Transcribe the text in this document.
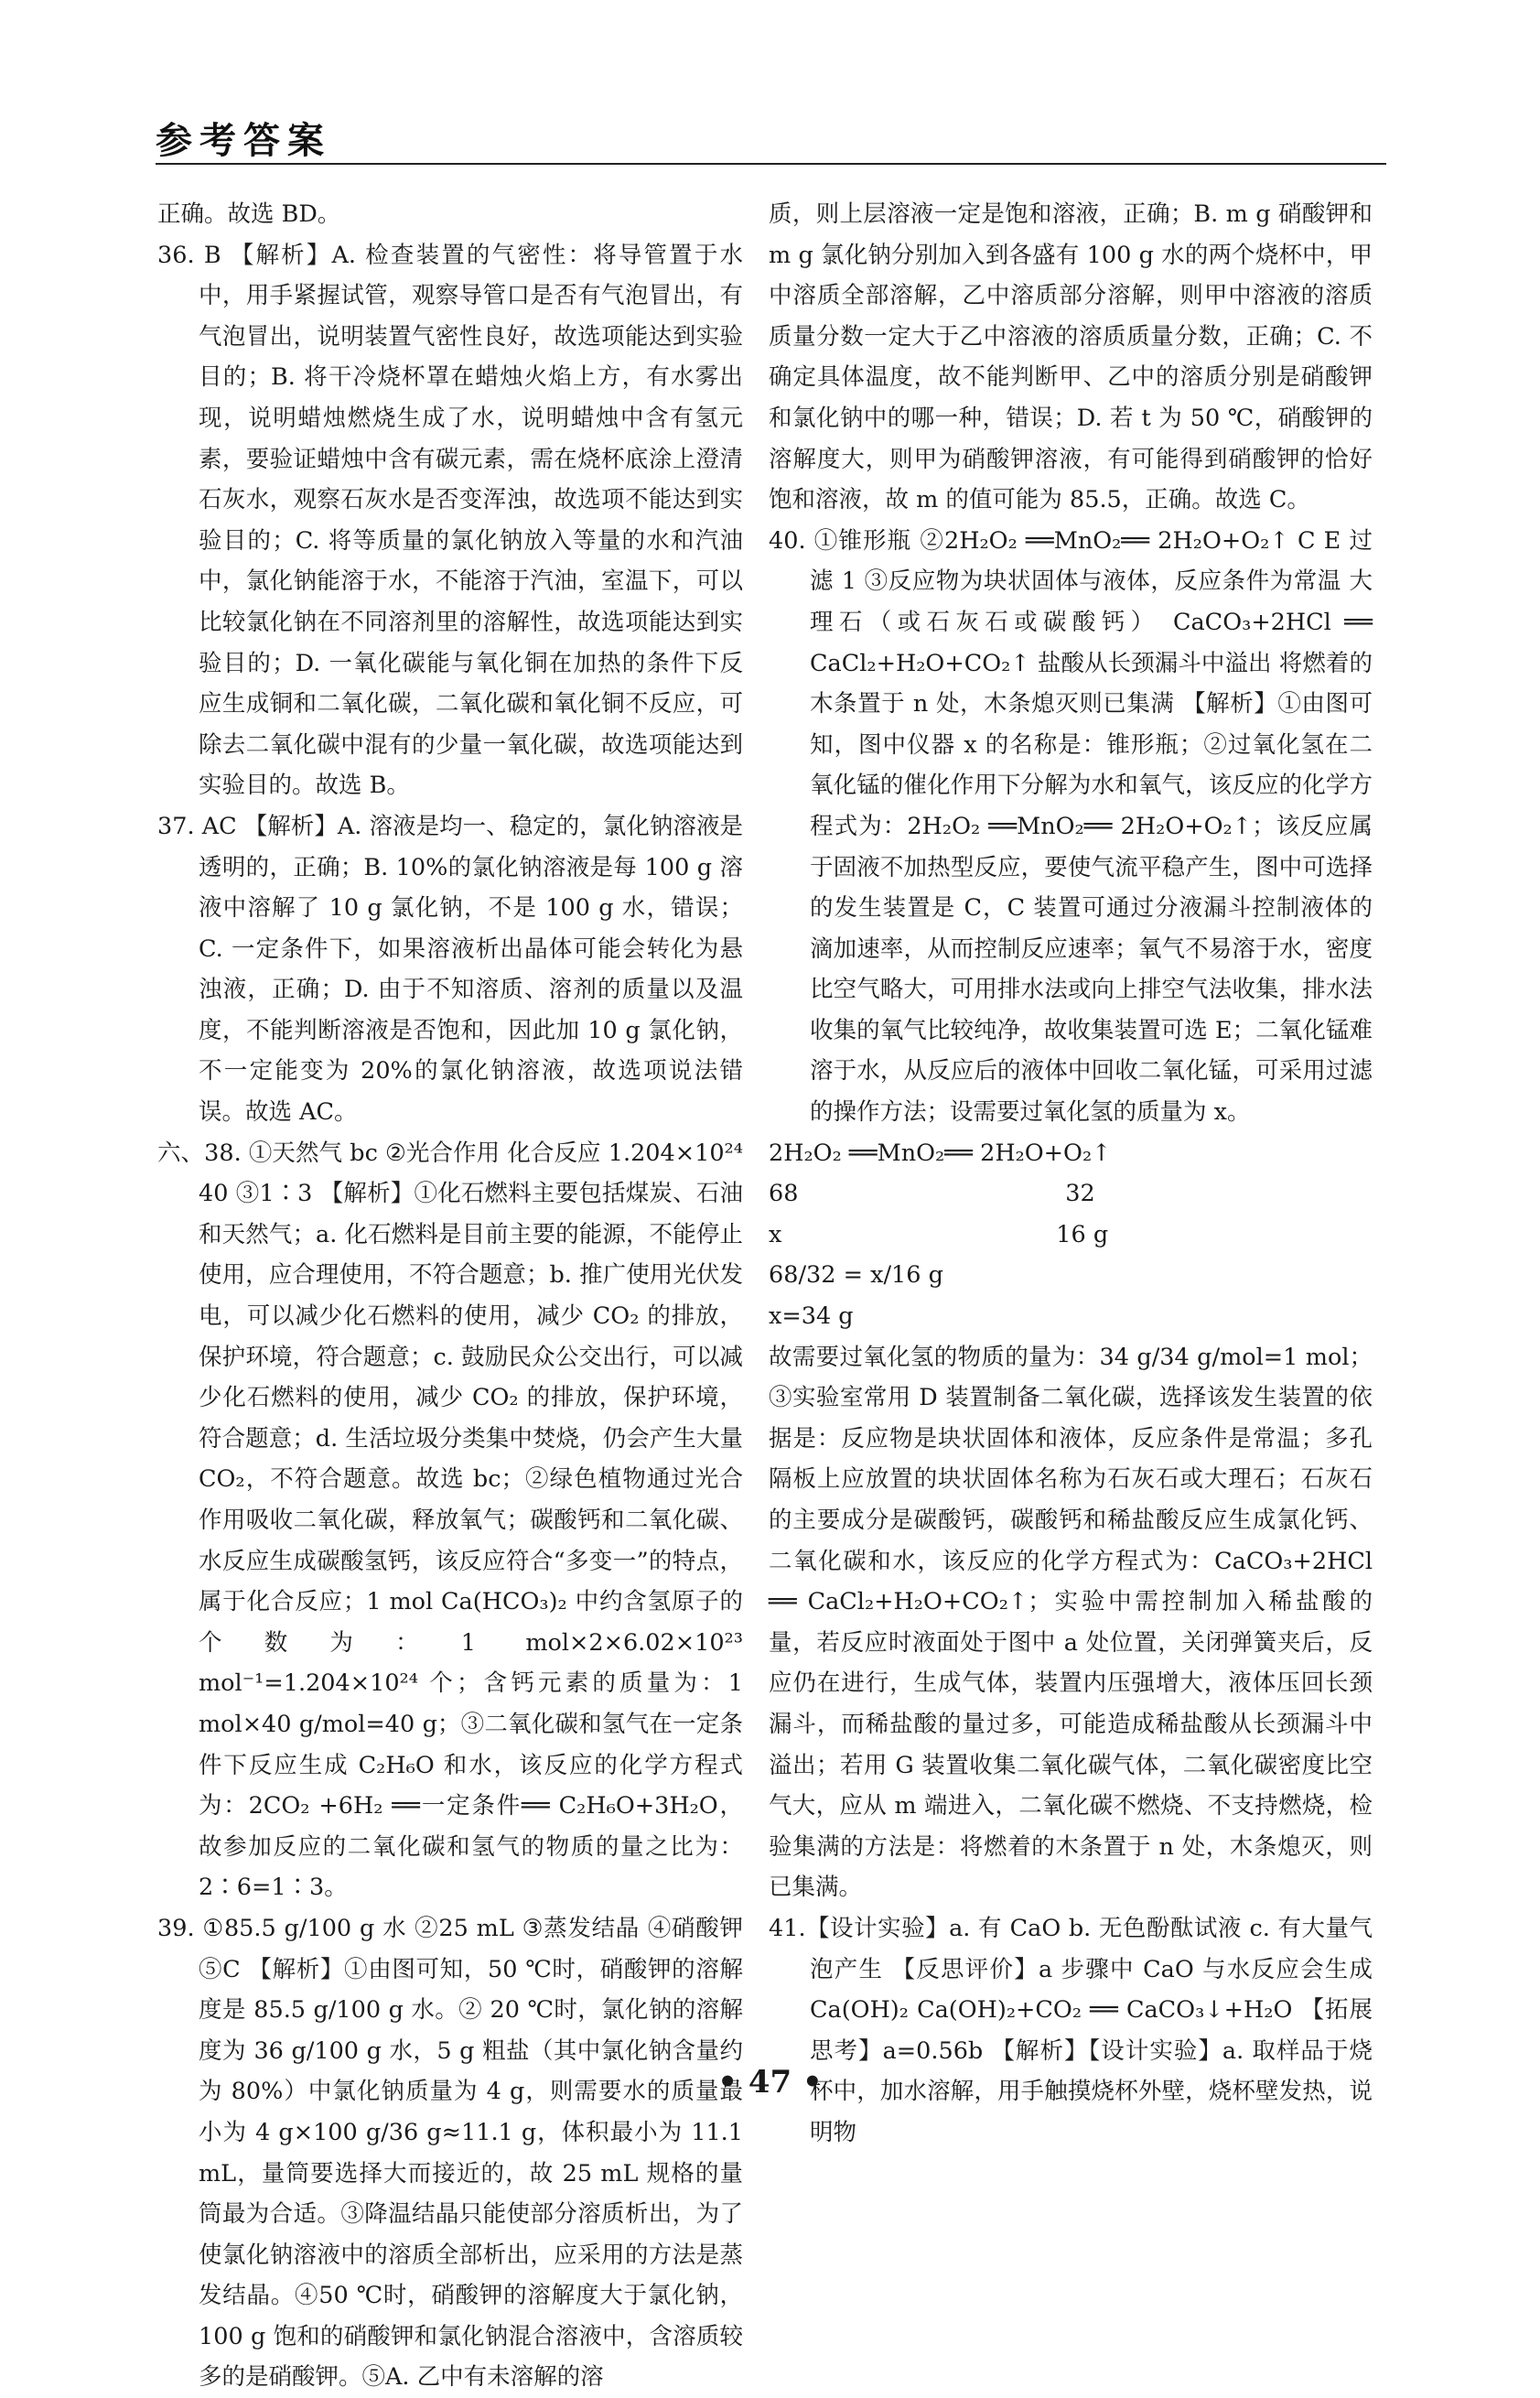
参考答案

正确。故选 BD。

36. B 【解析】A. 检查装置的气密性：将导管置于水中，用手紧握试管，观察导管口是否有气泡冒出，有气泡冒出，说明装置气密性良好，故选项能达到实验目的；B. 将干冷烧杯罩在蜡烛火焰上方，有水雾出现，说明蜡烛燃烧生成了水，说明蜡烛中含有氢元素，要验证蜡烛中含有碳元素，需在烧杯底涂上澄清石灰水，观察石灰水是否变浑浊，故选项不能达到实验目的；C. 将等质量的氯化钠放入等量的水和汽油中，氯化钠能溶于水，不能溶于汽油，室温下，可以比较氯化钠在不同溶剂里的溶解性，故选项能达到实验目的；D. 一氧化碳能与氧化铜在加热的条件下反应生成铜和二氧化碳，二氧化碳和氧化铜不反应，可除去二氧化碳中混有的少量一氧化碳，故选项能达到实验目的。故选 B。

37. AC 【解析】A. 溶液是均一、稳定的，氯化钠溶液是透明的，正确；B. 10%的氯化钠溶液是每 100 g 溶液中溶解了 10 g 氯化钠，不是 100 g 水，错误；C. 一定条件下，如果溶液析出晶体可能会转化为悬浊液，正确；D. 由于不知溶质、溶剂的质量以及温度，不能判断溶液是否饱和，因此加 10 g 氯化钠，不一定能变为 20%的氯化钠溶液，故选项说法错误。故选 AC。

六、38. ①天然气 bc ②光合作用 化合反应 1.204×10²⁴ 40 ③1∶3 【解析】①化石燃料主要包括煤炭、石油和天然气；a. 化石燃料是目前主要的能源，不能停止使用，应合理使用，不符合题意；b. 推广使用光伏发电，可以减少化石燃料的使用，减少 CO₂ 的排放，保护环境，符合题意；c. 鼓励民众公交出行，可以减少化石燃料的使用，减少 CO₂ 的排放，保护环境，符合题意；d. 生活垃圾分类集中焚烧，仍会产生大量 CO₂，不符合题意。故选 bc；②绿色植物通过光合作用吸收二氧化碳，释放氧气；碳酸钙和二氧化碳、水反应生成碳酸氢钙，该反应符合“多变一”的特点，属于化合反应；1 mol Ca(HCO₃)₂ 中约含氢原子的个数为：1 mol×2×6.02×10²³ mol⁻¹=1.204×10²⁴ 个；含钙元素的质量为：1 mol×40 g/mol=40 g；③二氧化碳和氢气在一定条件下反应生成 C₂H₆O 和水，该反应的化学方程式为：2CO₂ +6H₂ ══一定条件══ C₂H₆O+3H₂O，故参加反应的二氧化碳和氢气的物质的量之比为：2∶6=1∶3。

39. ①85.5 g/100 g 水 ②25 mL ③蒸发结晶 ④硝酸钾 ⑤C 【解析】①由图可知，50 ℃时，硝酸钾的溶解度是 85.5 g/100 g 水。② 20 ℃时，氯化钠的溶解度为 36 g/100 g 水，5 g 粗盐（其中氯化钠含量约为 80%）中氯化钠质量为 4 g，则需要水的质量最小为 4 g×100 g/36 g≈11.1 g，体积最小为 11.1 mL，量筒要选择大而接近的，故 25 mL 规格的量筒最为合适。③降温结晶只能使部分溶质析出，为了使氯化钠溶液中的溶质全部析出，应采用的方法是蒸发结晶。④50 ℃时，硝酸钾的溶解度大于氯化钠，100 g 饱和的硝酸钾和氯化钠混合溶液中，含溶质较多的是硝酸钾。⑤A. 乙中有未溶解的溶

质，则上层溶液一定是饱和溶液，正确；B. m g 硝酸钾和 m g 氯化钠分别加入到各盛有 100 g 水的两个烧杯中，甲中溶质全部溶解，乙中溶质部分溶解，则甲中溶液的溶质质量分数一定大于乙中溶液的溶质质量分数，正确；C. 不确定具体温度，故不能判断甲、乙中的溶质分别是硝酸钾和氯化钠中的哪一种，错误；D. 若 t 为 50 ℃，硝酸钾的溶解度大，则甲为硝酸钾溶液，有可能得到硝酸钾的恰好饱和溶液，故 m 的值可能为 85.5，正确。故选 C。

40. ①锥形瓶 ②2H₂O₂ ══MnO₂══ 2H₂O+O₂↑ C E 过滤 1 ③反应物为块状固体与液体，反应条件为常温 大理石（或石灰石或碳酸钙） CaCO₃+2HCl ══ CaCl₂+H₂O+CO₂↑ 盐酸从长颈漏斗中溢出 将燃着的木条置于 n 处，木条熄灭则已集满 【解析】①由图可知，图中仪器 x 的名称是：锥形瓶；②过氧化氢在二氧化锰的催化作用下分解为水和氧气，该反应的化学方程式为：2H₂O₂ ══MnO₂══ 2H₂O+O₂↑；该反应属于固液不加热型反应，要使气流平稳产生，图中可选择的发生装置是 C，C 装置可通过分液漏斗控制液体的滴加速率，从而控制反应速率；氧气不易溶于水，密度比空气略大，可用排水法或向上排空气法收集，排水法收集的氧气比较纯净，故收集装置可选 E；二氧化锰难溶于水，从反应后的液体中回收二氧化锰，可采用过滤的操作方法；设需要过氧化氢的质量为 x。

2H₂O₂ ══MnO₂══ 2H₂O+O₂↑

68                                    32

x                                     16 g

68/32 = x/16 g

x=34 g

故需要过氧化氢的物质的量为：34 g/34 g/mol=1 mol；③实验室常用 D 装置制备二氧化碳，选择该发生装置的依据是：反应物是块状固体和液体，反应条件是常温；多孔隔板上应放置的块状固体名称为石灰石或大理石；石灰石的主要成分是碳酸钙，碳酸钙和稀盐酸反应生成氯化钙、二氧化碳和水，该反应的化学方程式为：CaCO₃+2HCl ══ CaCl₂+H₂O+CO₂↑；实验中需控制加入稀盐酸的量，若反应时液面处于图中 a 处位置，关闭弹簧夹后，反应仍在进行，生成气体，装置内压强增大，液体压回长颈漏斗，而稀盐酸的量过多，可能造成稀盐酸从长颈漏斗中溢出；若用 G 装置收集二氧化碳气体，二氧化碳密度比空气大，应从 m 端进入，二氧化碳不燃烧、不支持燃烧，检验集满的方法是：将燃着的木条置于 n 处，木条熄灭，则已集满。

41.【设计实验】a. 有 CaO b. 无色酚酞试液 c. 有大量气泡产生 【反思评价】a 步骤中 CaO 与水反应会生成 Ca(OH)₂ Ca(OH)₂+CO₂ ══ CaCO₃↓+H₂O 【拓展思考】a=0.56b 【解析】【设计实验】a. 取样品于烧杯中，加水溶解，用手触摸烧杯外壁，烧杯壁发热，说明物

• 47 •
